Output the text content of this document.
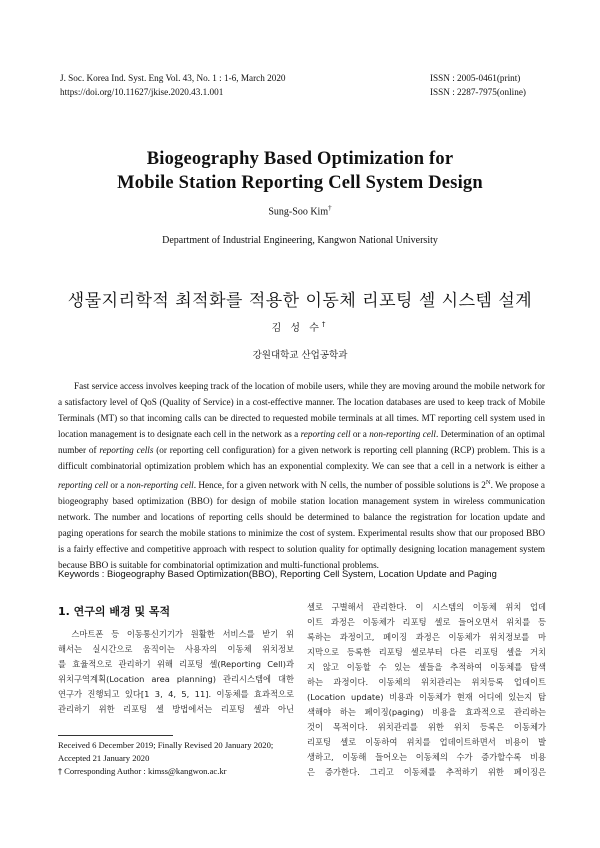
J. Soc. Korea Ind. Syst. Eng Vol. 43, No. 1 : 1-6, March 2020
https://doi.org/10.11627/jkise.2020.43.1.001
ISSN : 2005-0461(print)
ISSN : 2287-7975(online)
Biogeography Based Optimization for
Mobile Station Reporting Cell System Design
Sung-Soo Kim†
Department of Industrial Engineering, Kangwon National University
생물지리학적 최적화를 적용한 이동체 리포팅 셀 시스템 설계
김 성 수†
강원대학교 산업공학과

Fast service access involves keeping track of the location of mobile users, while they are moving around the mobile network for a satisfactory level of QoS (Quality of Service) in a cost-effective manner. The location databases are used to keep track of Mobile Terminals (MT) so that incoming calls can be directed to requested mobile terminals at all times. MT reporting cell system used in location management is to designate each cell in the network as a reporting cell or a non-reporting cell. Determination of an optimal number of reporting cells (or reporting cell configuration) for a given network is reporting cell planning (RCP) problem. This is a difficult combinatorial optimization problem which has an exponential complexity. We can see that a cell in a network is either a reporting cell or a non-reporting cell. Hence, for a given network with N cells, the number of possible solutions is $2^N$. We propose a biogeography based optimization (BBO) for design of mobile station location management system in wireless communication network. The number and locations of reporting cells should be determined to balance the registration for location update and paging operations for search the mobile stations to minimize the cost of system. Experimental results show that our proposed BBO is a fairly effective and competitive approach with respect to solution quality for optimally designing location management system because BBO is suitable for combinatorial optimization and multi-functional problems.

Keywords : Biogeography Based Optimization(BBO), Reporting Cell System, Location Update and Paging
1. 연구의 배경 및 목적
　스마트폰 등 이동통신기기가 원활한 서비스를 받기 위
해서는 실시간으로 움직이는 사용자의 이동체 위치정보
를 효율적으로 관리하기 위해 리포팅 셀(Reporting Cell)과
위치구역계획(Location area planning) 관리시스템에 대한
연구가 진행되고 있다[1 3, 4, 5, 11]. 이동체를 효과적으로
관리하기 위한 리포팅 셀 방법에서는 리포팅 셀과 아닌
셀로 구별해서 관리한다. 이 시스템의 이동체 위치 업데
이트 과정은 이동체가 리포팅 셀로 들어오면서 위치를 등
록하는 과정이고, 페이징 과정은 이동체가 위치정보를 마
지막으로 등록한 리포팅 셀로부터 다른 리포팅 셀을 거치
지 않고 이동할 수 있는 셀들을 추적하여 이동체를 탐색
하는 과정이다. 이동체의 위치관리는 위치등록 업데이트
(Location update) 비용과 이동체가 현재 어디에 있는지 탐
색해야 하는 페이징(paging) 비용을 효과적으로 관리하는
것이 목적이다. 위치관리를 위한 위치 등록은 이동체가
리포팅 셀로 이동하여 위치를 업데이트하면서 비용이 발
생하고, 이동해 들어오는 이동체의 수가 증가할수록 비용
은 증가한다. 그리고 이동체를 추적하기 위한 페이징은
Received 6 December 2019; Finally Revised 20 January 2020;
Accepted 21 January 2020
† Corresponding Author : kimss@kangwon.ac.kr
